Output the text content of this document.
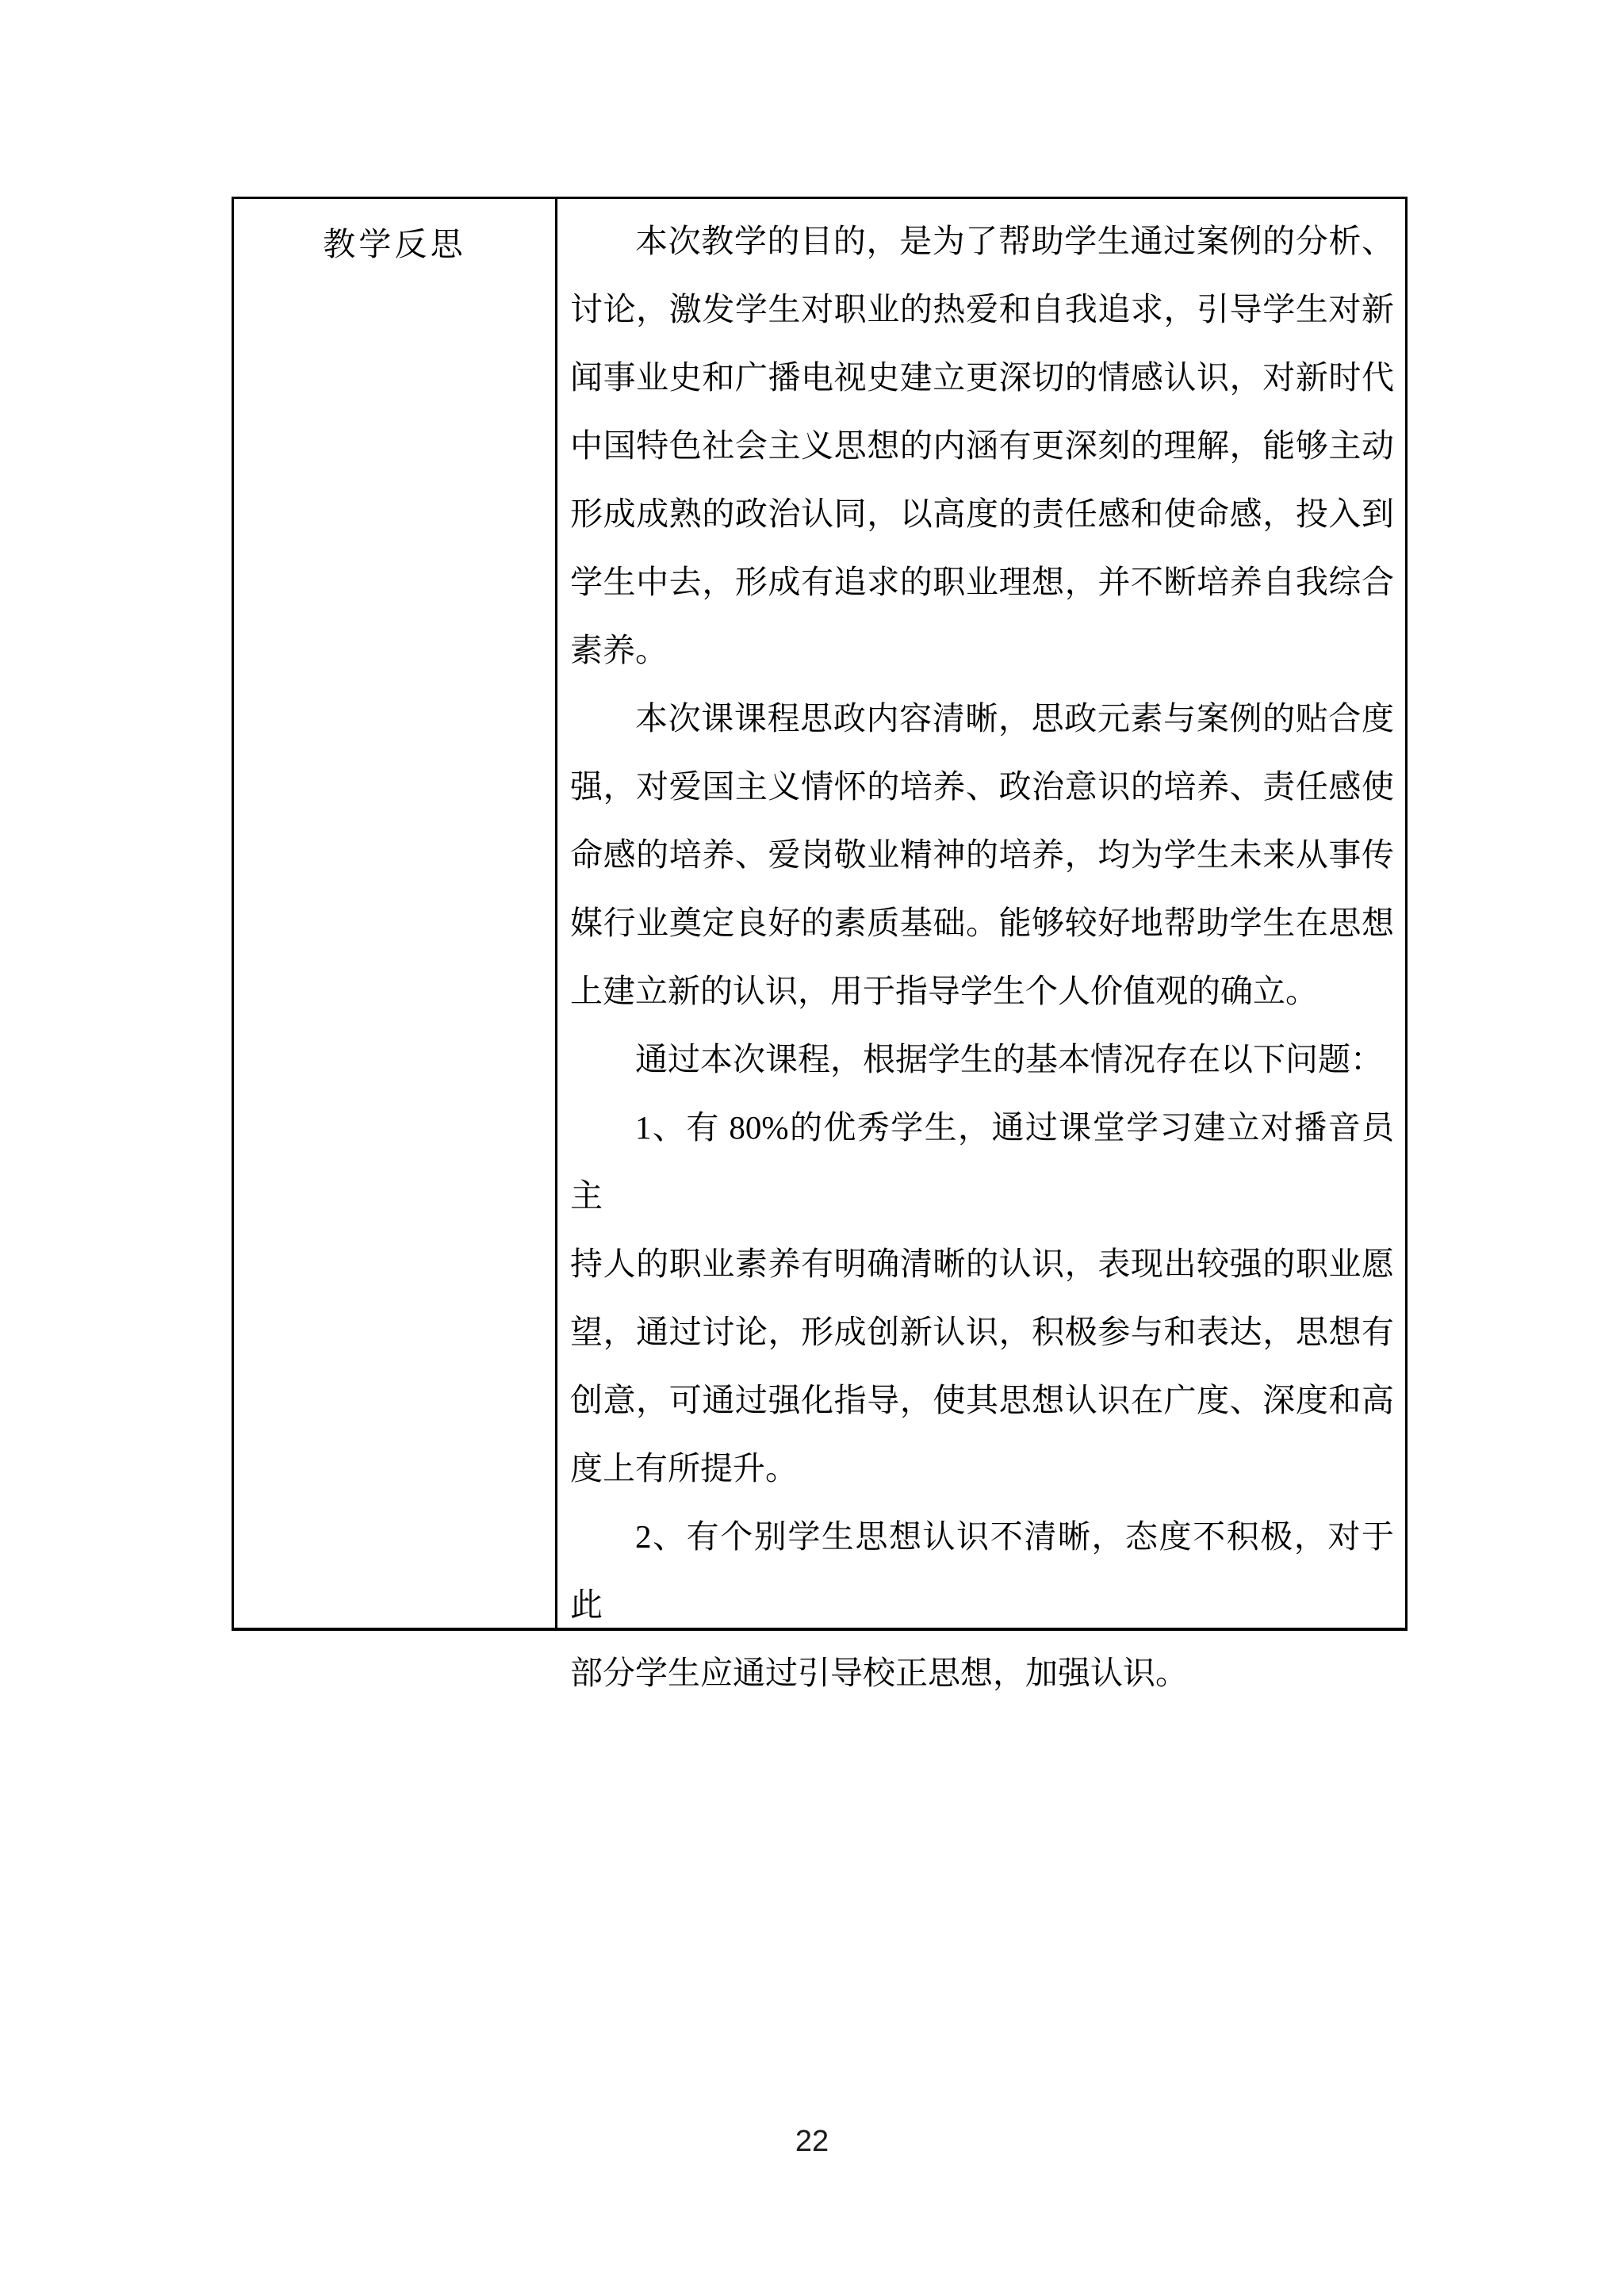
教学反思	本次教学的目的，是为了帮助学生通过案例的分析、
讨论，激发学生对职业的热爱和自我追求，引导学生对新
闻事业史和广播电视史建立更深切的情感认识，对新时代
中国特色社会主义思想的内涵有更深刻的理解，能够主动
形成成熟的政治认同，以高度的责任感和使命感，投入到
学生中去，形成有追求的职业理想，并不断培养自我综合
素养。
本次课课程思政内容清晰，思政元素与案例的贴合度
强，对爱国主义情怀的培养、政治意识的培养、责任感使
命感的培养、爱岗敬业精神的培养，均为学生未来从事传
媒行业奠定良好的素质基础。能够较好地帮助学生在思想
上建立新的认识，用于指导学生个人价值观的确立。
通过本次课程，根据学生的基本情况存在以下问题：
1、有 80%的优秀学生，通过课堂学习建立对播音员主
持人的职业素养有明确清晰的认识，表现出较强的职业愿
望，通过讨论，形成创新认识，积极参与和表达，思想有
创意，可通过强化指导，使其思想认识在广度、深度和高
度上有所提升。
2、有个别学生思想认识不清晰，态度不积极，对于此
部分学生应通过引导校正思想，加强认识。
22
